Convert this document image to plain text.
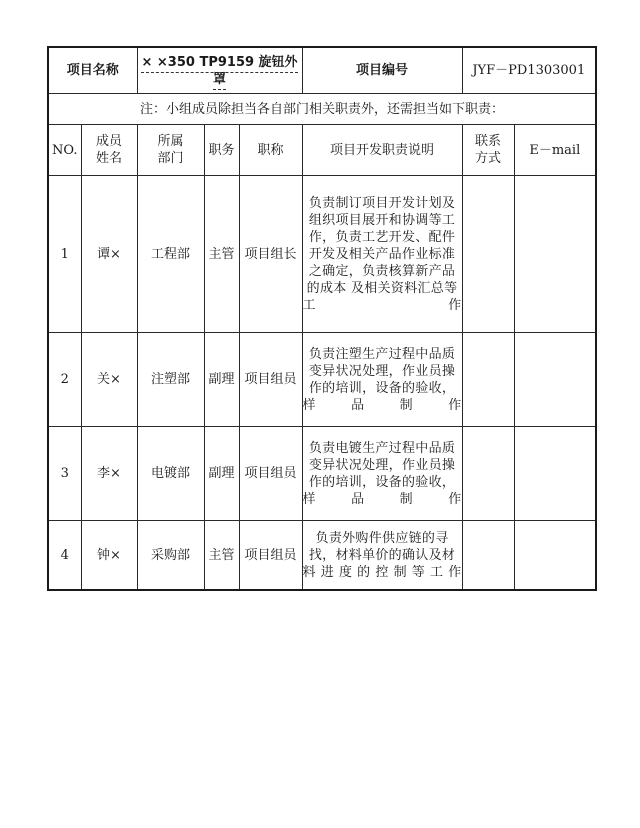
项目名称		× ×350 TP9159 旋钮外罩			项目编号	JYF－PD1303001	
注：小组成员除担当各自部门相关职责外，还需担当如下职责：							
NO.	成员姓名	所属部门	职务	职称	项目开发职责说明	联系方式	E－mail
1	谭×	工程部	主管	项目组长	负责制订项目开发计划及组织项目展开和协调等工作，负责工艺开发、配件开发及相关产品作业标准之确定，负责核算新产品的成本 及相关资料汇总等工作		
2	关×	注塑部	副理	项目组员	负责注塑生产过程中品质变异状况处理，作业员操作的培训，设备的验收，样品制作		
3	李×	电镀部	副理	项目组员	负责电镀生产过程中品质变异状况处理，作业员操作的培训，设备的验收，样品制作		
4	钟×	采购部	主管	项目组员	负责外购件供应链的寻找，材料单价的确认及材料进度的控制等工作		
